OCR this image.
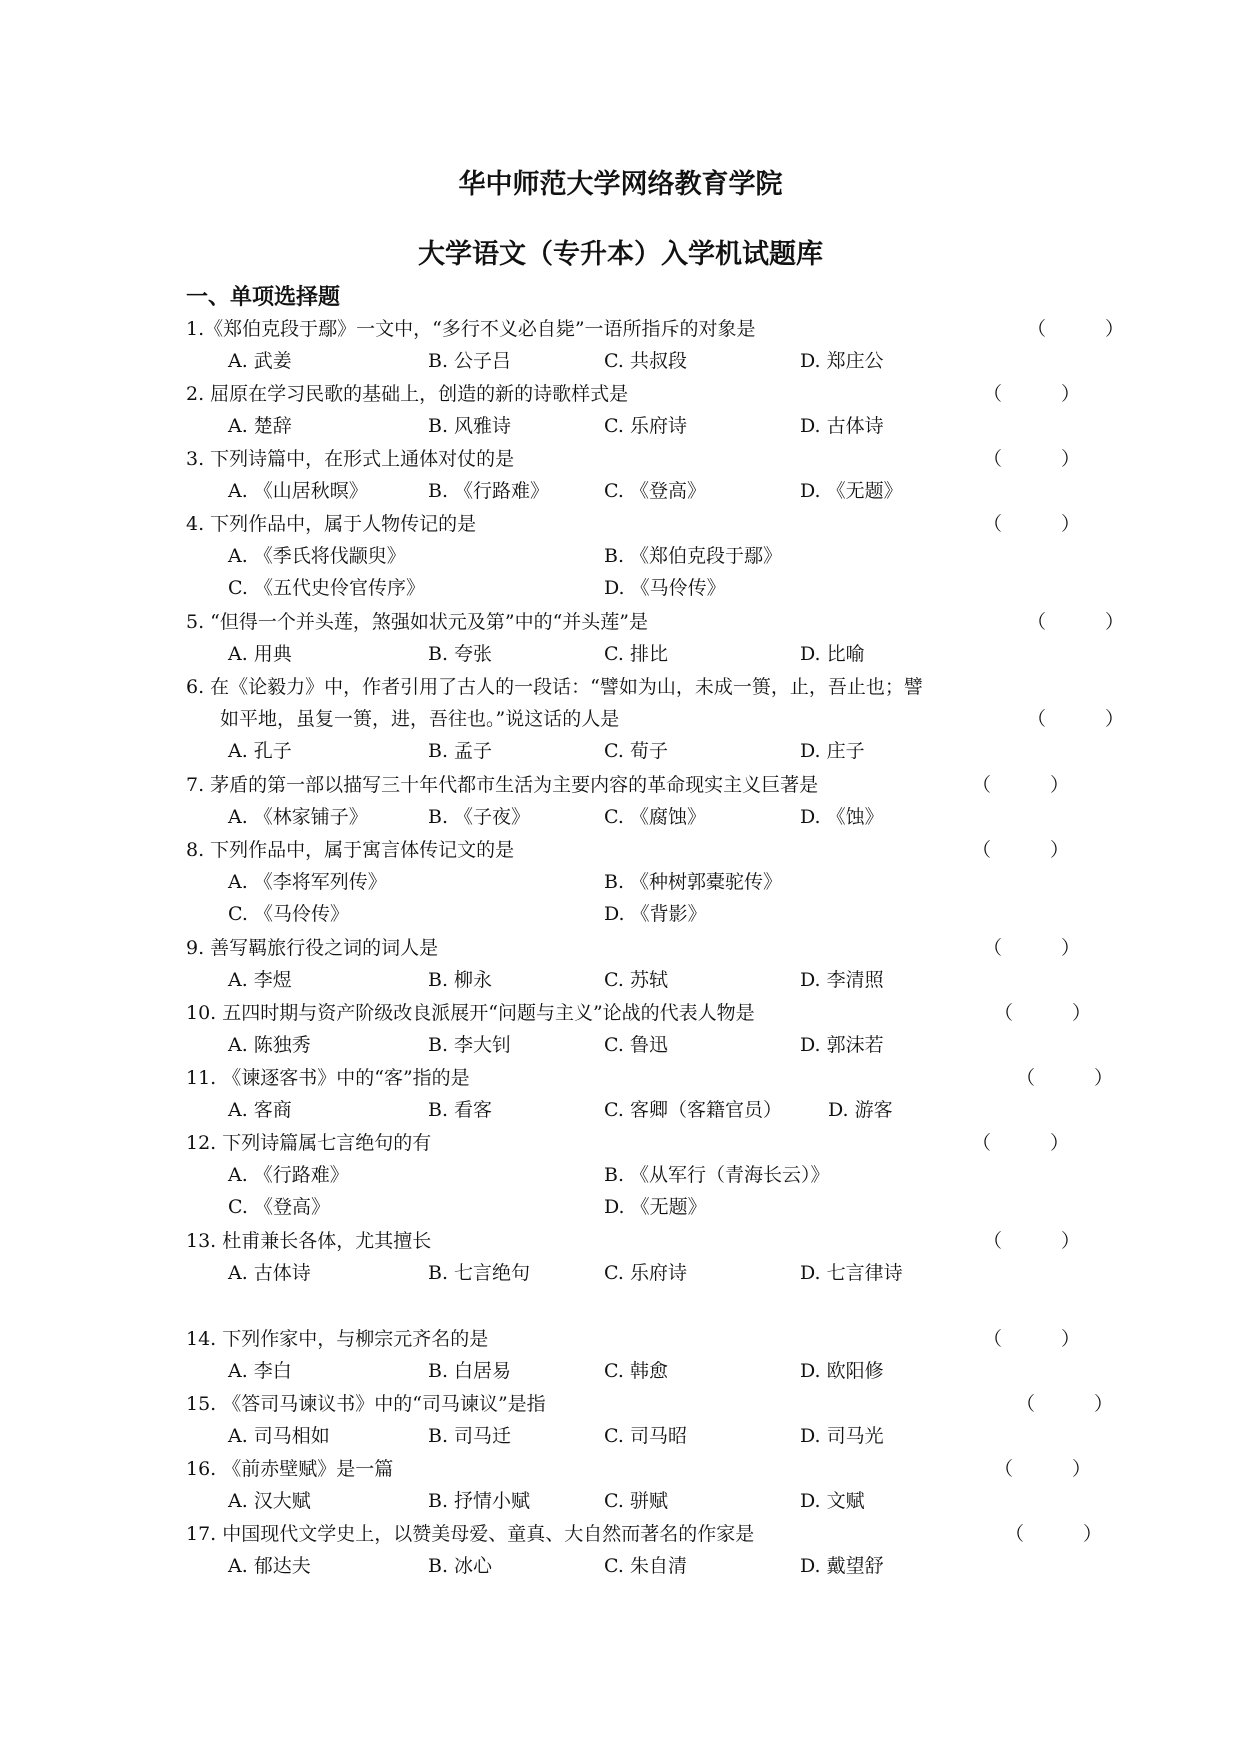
华中师范大学网络教育学院
大学语文（专升本）入学机试题库
一、单项选择题
1.《郑伯克段于鄢》一文中，“多行不义必自毙”一语所指斥的对象是	（	）
A. 武姜	B. 公子吕	C. 共叔段	D. 郑庄公
2. 屈原在学习民歌的基础上，创造的新的诗歌样式是	（	）
A. 楚辞	B. 风雅诗	C. 乐府诗	D. 古体诗
3. 下列诗篇中，在形式上通体对仗的是	（	）
A. 《山居秋暝》	B. 《行路难》	C. 《登高》	D. 《无题》
4. 下列作品中，属于人物传记的是	（	）
A. 《季氏将伐颛臾》	B. 《郑伯克段于鄢》
C. 《五代史伶官传序》	D. 《马伶传》
5. “但得一个并头莲，煞强如状元及第”中的“并头莲”是	（	）
A. 用典	B. 夸张	C. 排比	D. 比喻
6. 在《论毅力》中，作者引用了古人的一段话：“譬如为山，未成一篑，止，吾止也；譬
如平地，虽复一篑，进，吾往也。”说这话的人是	（	）
A. 孔子	B. 孟子	C. 荀子	D. 庄子
7. 茅盾的第一部以描写三十年代都市生活为主要内容的革命现实主义巨著是	（	）
A. 《林家铺子》	B. 《子夜》	C. 《腐蚀》	D. 《蚀》
8. 下列作品中，属于寓言体传记文的是	（	）
A. 《李将军列传》	B. 《种树郭橐驼传》
C. 《马伶传》	D. 《背影》
9. 善写羁旅行役之词的词人是	（	）
A. 李煜	B. 柳永	C. 苏轼	D. 李清照
10. 五四时期与资产阶级改良派展开“问题与主义”论战的代表人物是	（	）
A. 陈独秀	B. 李大钊	C. 鲁迅	D. 郭沫若
11. 《谏逐客书》中的“客”指的是	（	）
A. 客商	B. 看客	C. 客卿（客籍官员） D. 游客
12. 下列诗篇属七言绝句的有	（	）
A. 《行路难》	B. 《从军行（青海长云）》
C. 《登高》	D. 《无题》
13. 杜甫兼长各体，尤其擅长	（	）
A. 古体诗	B. 七言绝句	C. 乐府诗	D. 七言律诗
14. 下列作家中，与柳宗元齐名的是	（	）
A. 李白	B. 白居易	C. 韩愈	D. 欧阳修
15. 《答司马谏议书》中的“司马谏议”是指	（	）
A. 司马相如	B. 司马迁	C. 司马昭	D. 司马光
16. 《前赤壁赋》是一篇	（	）
A. 汉大赋	B. 抒情小赋	C. 骈赋	D. 文赋
17. 中国现代文学史上，以赞美母爱、童真、大自然而著名的作家是	（	）
A. 郁达夫	B. 冰心	C. 朱自清	D. 戴望舒
